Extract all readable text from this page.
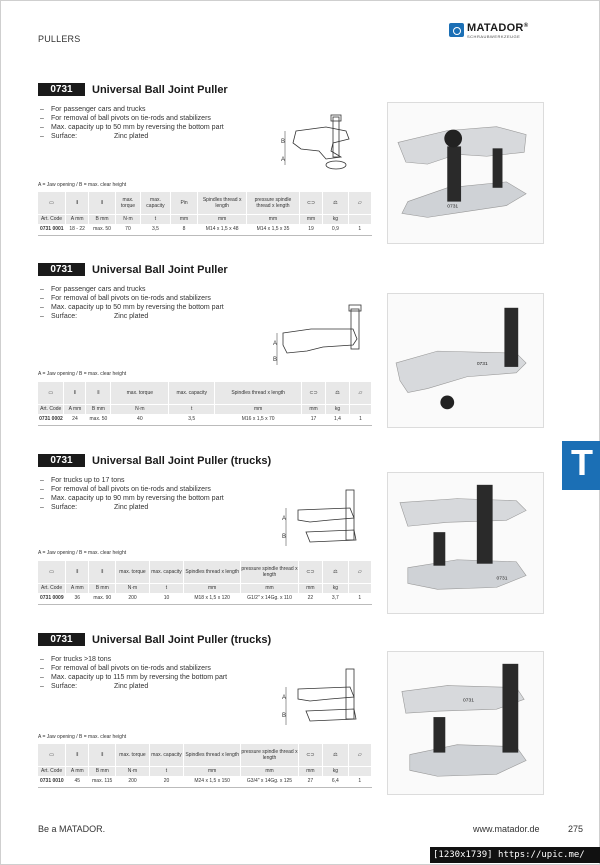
PULLERS
MATADOR®
SCHRAUBWERKZEUGE
0731	Universal Ball Joint Puller
– For passenger cars and trucks
– For removal of ball pivots on tie-rods and stabilizers
– Max. capacity up to 50 mm by reversing the bottom part
– Surface:	Zinc plated
B
A
A = Jaw opening / B = max. clear height
▭	⫴	⫴	max. torque	max. capacity	Pin	Spindles thread x length	pressure spindle thread x length	⊂⊃	⚖	▱
Art. Code	A mm	B mm	N·m	t	mm	mm	mm	mm	kg	
0731 0001	18 - 22	max. 50	70	3,5	8	M14 x 1,5 x 48	M14 x 1,5 x 35	19	0,9	1
0731
0731	Universal Ball Joint Puller
– For passenger cars and trucks
– For removal of ball pivots on tie-rods and stabilizers
– Max. capacity up to 50 mm by reversing the bottom part
– Surface:	Zinc plated
A
B
A = Jaw opening / B = max. clear height
▭	⫴	⫴	max. torque	max. capacity	Spindles thread x length	⊂⊃	⚖	▱
Art. Code	A mm	B mm	N·m	t	mm	mm	kg	
0731 0002	24	max. 50	40	3,5	M16 x 1,5 x 70	17	1,4	1
0731
0731	Universal Ball Joint Puller (trucks)
– For trucks up to 17 tons
– For removal of ball pivots on tie-rods and stabilizers
– Max. capacity up to 90 mm by reversing the bottom part
– Surface:	Zinc plated
A
B
A = Jaw opening / B = max. clear height
▭	⫴	⫴	max. torque	max. capacity	Spindles thread x length	pressure spindle thread x length	⊂⊃	⚖	▱
Art. Code	A mm	B mm	N·m	t	mm	mm	mm	kg	
0731 0009	36	max. 90	200	10	M18 x 1,5 x 120	G1/2" x 14Gg. x 110	22	3,7	1
0731
0731	Universal Ball Joint Puller (trucks)
– For trucks >18 tons
– For removal of ball pivots on tie-rods and stabilizers
– Max. capacity up to 115 mm by reversing the bottom part
– Surface:	Zinc plated
A
B
A = Jaw opening / B = max. clear height
▭	⫴	⫴	max. torque	max. capacity	Spindles thread x length	pressure spindle thread x length	⊂⊃	⚖	▱
Art. Code	A mm	B mm	N·m	t	mm	mm	mm	kg	
0731 0010	45	max. 115	200	20	M24 x 1,5 x 150	G3/4" x 14Gg. x 125	27	6,4	1
0731
T
Be a MATADOR.	www.matador.de	275
[1230x1739] https://upic.me/
